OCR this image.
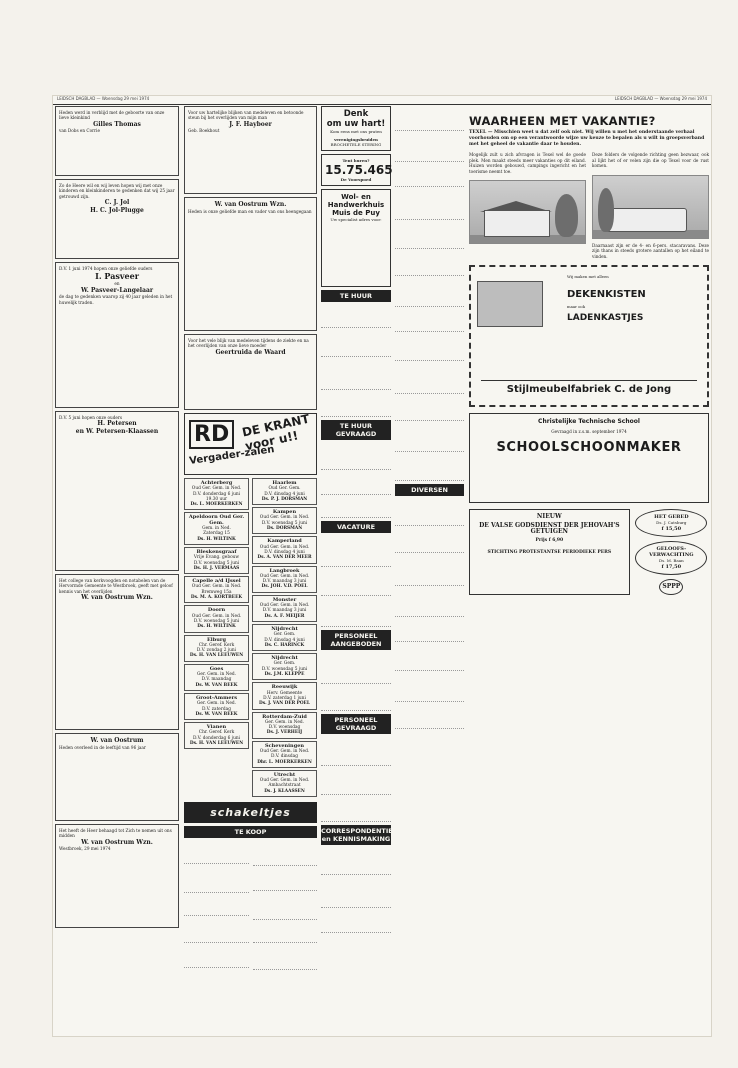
LEIDSCH DAGBLAD — Woensdag 29 mei 1974	LEIDSCH DAGBLAD — Woensdag 29 mei 1974
Heden werd in verblijd met de geboorte van onze lieve kleinkind
Gilles Thomas
van Dobs en Corrie
Zo de Heere wil en wij leven hopen wij met onze kinderen en kleinkinderen te gedenken dat wij 25 jaar getrouwd zijn.
C. J. Jol
H. C. Jol-Plugge
D.V. 1 juni 1974 hopen onze geliefde ouders
I. Pasveer
en
W. Pasveer-Langelaar
de dag te gedenken waarop zij 40 jaar geleden in het huwelijk traden.
D.V. 5 juni hopen onze ouders
H. Petersen
en W. Petersen-Klaassen
Het college van kerkvoogden en notabelen van de Hervormde Gemeente te Westbroek, geeft met geloof kennis van het overlijden
W. van Oostrum Wzn.
W. van Oostrum
Heden overleed in de leeftijd van 96 jaar
Het heeft de Heer behaagd tot Zich te nemen uit ons midden
W. van Oostrum Wzn.
Westbroek, 29 mei 1974
Voor uw hartelijke blijken van medeleven en betoonde steun bij het overlijden van mijn man
J. F. Hayboer
Geb. Boekhout
W. van Oostrum Wzn.
Heden is onze geliefde man en vader van ons heengegaan
Voor het vele blijk van medeleven tijdens de ziekte en na het overlijden van onze lieve moeder
Geertruida de Waard
RD DE KRANT voor u!!
Vergader-zalen
Achterberg
Oud Ger. Gem. in Ned.
D.V. donderdag 6 juni 19.30 uur
Ds. L. MOERKERKEN
Apeldoorn Oud Ger. Gem.
Gem. in Ned.
Zaterdag 15
Ds. H. WILTINK
Bleskensgraaf
Vrije Evang. gebouw
D.V. woensdag 5 juni
Ds. H. J. VERMAAS
Capelle a/d IJssel
Oud Ger. Gem. in Ned.
Bremweg 15a
Ds. M. A. KORTBEEK
Doorn
Oud Ger. Gem. in Ned.
D.V. woensdag 5 juni
Ds. H. WILTINK
Elburg
Chr. Geref. Kerk
D.V. zondag 2 juni
Ds. H. VAN LEEUWEN
Goes
Ger. Gem. in Ned.
D.V. maandag
Ds. W. VAN BEEK
Groot-Ammers
Ger. Gem. in Ned.
D.V. zaterdag
Ds. W. VAN BEEK
Vianen
Chr. Geref. Kerk
D.V. donderdag 6 juni
Ds. H. VAN LEEUWEN
Haarlem
Oud Ger. Gem.
D.V. dinsdag 4 juni
Ds. P. J. DORSMAN
Kampen
Oud Ger. Gem. in Ned.
D.V. woensdag 5 juni
Ds. DORSMAN
Kamperland
Oud Ger. Gem. in Ned.
D.V. dinsdag 4 juni
Ds. A. VAN DER MEER
Langbroek
Oud Ger. Gem. in Ned.
D.V. maandag 3 juni
Ds. JOH. V.D. POEL
Monster
Oud Ger. Gem. in Ned.
D.V. maandag 3 juni
Ds. A. F. MEIJER
Nijdrecht
Ger. Gem.
D.V. dinsdag 4 juni
Ds. C. HARINCK
Nijdrecht
Ger. Gem.
D.V. woensdag 5 juni
Ds. J.M. KLEPPE
Reeuwijk
Herv. Gemeente
D.V. zaterdag 1 juni
Ds. J. VAN DER POEL
Rotterdam-Zuid
Ger. Gem. in Ned.
D.V. woensdag
Ds. J. VERHEIJ
Scheveningen
Oud Ger. Gem. in Ned.
D.V. dinsdag
Dhr. L. MOERKERKEN
Utrecht
Oud Ger. Gem. in Ned.
Ambachtstraat
Ds. J. KLAASSEN
schakeltjes
TE KOOP
Denk
om uw hart!
Kom eens met ons praten
verenigingsbruiden
BROCHETELE STERING
Tent huren?
15.75.465
De Voorspoed
Wol- en Handwerkhuis Muis de Puy
Uw specialist adres voor:
TE HUUR
TE HUUR GEVRAAGD
VACATURE
PERSONEEL AANGEBODEN
PERSONEEL GEVRAAGD
CORRESPONDENTIE en KENNISMAKING
DIVERSEN
WAARHEEN MET VAKANTIE?
TEXEL — Misschien weet u dat zelf ook niet. Wij willen u met het onderstaande verhaal voorhouden om op een verantwoorde wijze uw keuze te bepalen als u wilt in groepsverband met het geheel de vakantie daar te houden.
Mogelijk zult u zich afvragen is Texel wel de goede plek. Men maakt steeds meer vakanties op dit eiland. Huizen worden gebouwd, campings ingericht en het toerisme neemt toe.
Deze folders de volgende richting geen bezwaar, ook al lijkt het of er velen zijn die op Texel voor de rust komen.
Daarnaast zijn er de 4- en 6-pers. stacaravans. Deze zijn thans in steeds grotere aantallen op het eiland te vinden.
Wij maken met alleen
DEKENKISTEN
maar ook
LADENKASTJES
Stijlmeubelfabriek C. de Jong
Christelijke Technische School
Gevraagd in z.s.m. september 1974
SCHOOLSCHOONMAKER
NIEUW
DE VALSE GODSDIENST DER JEHOVAH'S GETUIGEN
Prijs f 6,90
STICHTING PROTESTANTSE PERIODIEKE PERS
HET GEBED
Ds. J. Catsburg
f 15,50
GELOOFS-VERWACHTING
Ds. M. Baan
f 17,50
SPPP
